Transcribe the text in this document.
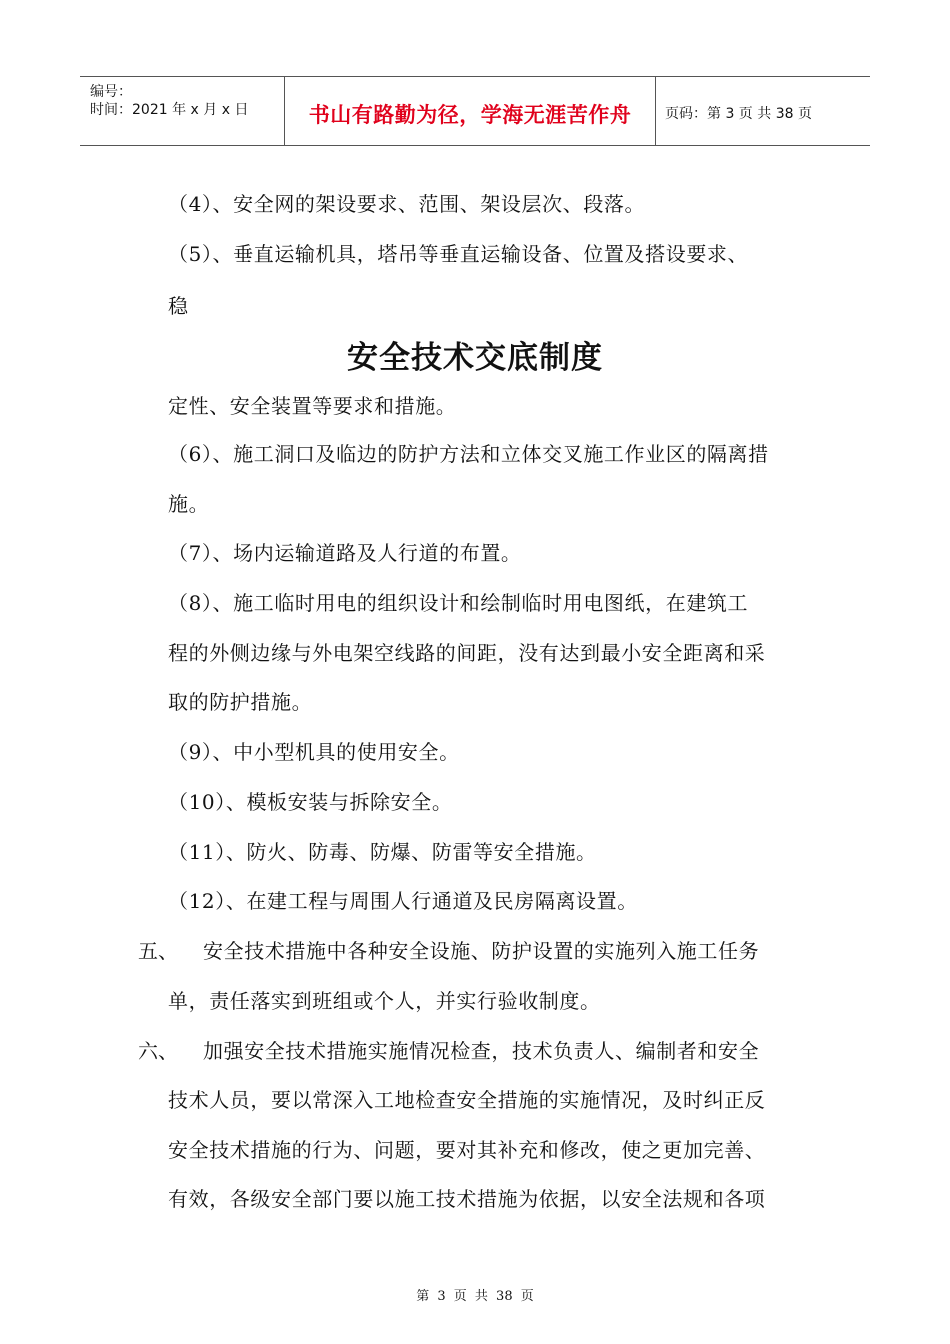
编号：
时间：2021 年 x 月 x 日	书山有路勤为径，学海无涯苦作舟	页码：第 3 页 共 38 页
（4）、安全网的架设要求、范围、架设层次、段落。
（5）、垂直运输机具，塔吊等垂直运输设备、位置及搭设要求、
稳
安全技术交底制度
定性、安全装置等要求和措施。
（6）、施工洞口及临边的防护方法和立体交叉施工作业区的隔离措
施。
（7）、场内运输道路及人行道的布置。
（8）、施工临时用电的组织设计和绘制临时用电图纸，在建筑工
程的外侧边缘与外电架空线路的间距，没有达到最小安全距离和采
取的防护措施。
（9）、中小型机具的使用安全。
（10）、模板安装与拆除安全。
（11）、防火、防毒、防爆、防雷等安全措施。
（12）、在建工程与周围人行通道及民房隔离设置。
五、 安全技术措施中各种安全设施、防护设置的实施列入施工任务
单，责任落实到班组或个人，并实行验收制度。
六、 加强安全技术措施实施情况检查，技术负责人、编制者和安全
技术人员，要以常深入工地检查安全措施的实施情况，及时纠正反
安全技术措施的行为、问题，要对其补充和修改，使之更加完善、
有效，各级安全部门要以施工技术措施为依据，以安全法规和各项
第 3 页 共 38 页
